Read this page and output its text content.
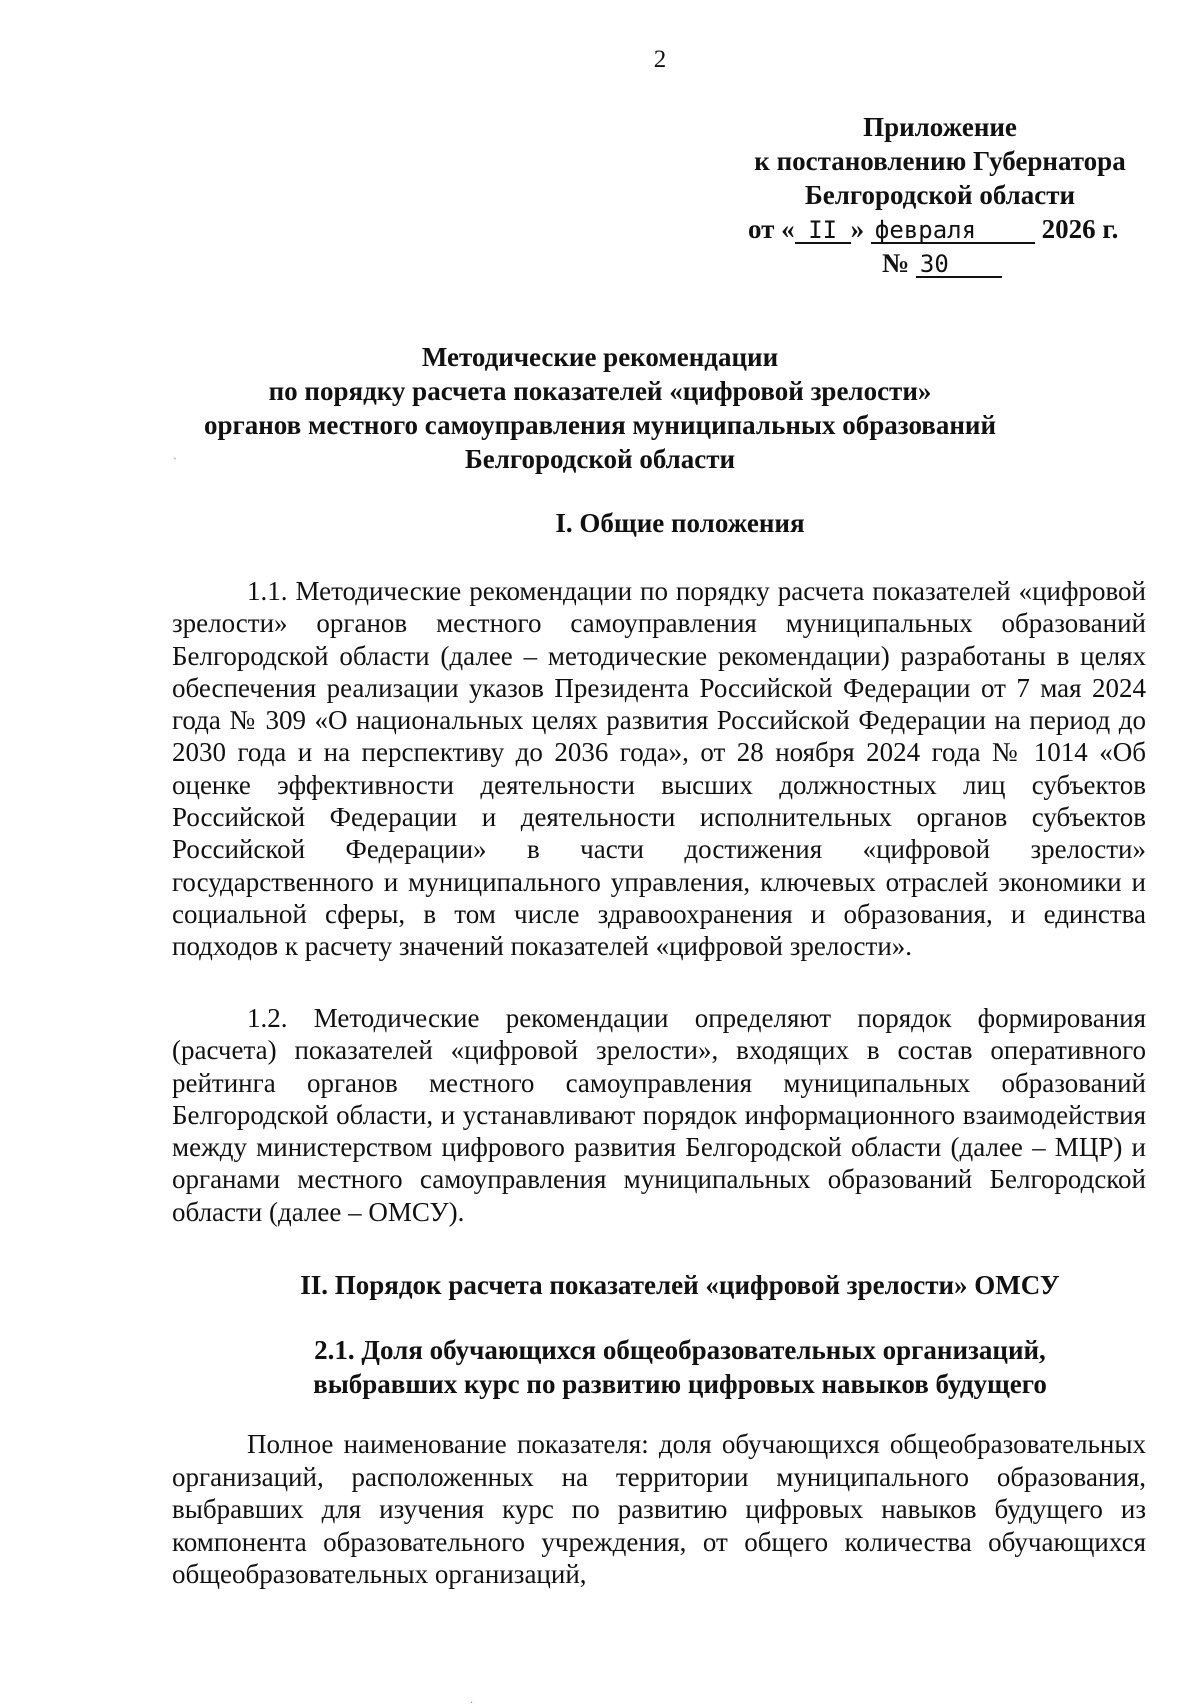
2
Приложение
к постановлению Губернатора
Белгородской области
от « II » февраля 2026 г.
№ 30
Методические рекомендации
по порядку расчета показателей «цифровой зрелости»
органов местного самоуправления муниципальных образований
Белгородской области
I. Общие положения
1.1. Методические рекомендации по порядку расчета показателей «цифровой зрелости» органов местного самоуправления муниципальных образований Белгородской области (далее – методические рекомендации) разработаны в целях обеспечения реализации указов Президента Российской Федерации от 7 мая 2024 года № 309 «О национальных целях развития Российской Федерации на период до 2030 года и на перспективу до 2036 года», от 28 ноября 2024 года № 1014 «Об оценке эффективности деятельности высших должностных лиц субъектов Российской Федерации и деятельности исполнительных органов субъектов Российской Федерации» в части достижения «цифровой зрелости» государственного и муниципального управления, ключевых отраслей экономики и социальной сферы, в том числе здравоохранения и образования, и единства подходов к расчету значений показателей «цифровой зрелости».
1.2. Методические рекомендации определяют порядок формирования (расчета) показателей «цифровой зрелости», входящих в состав оперативного рейтинга органов местного самоуправления муниципальных образований Белгородской области, и устанавливают порядок информационного взаимодействия между министерством цифрового развития Белгородской области (далее – МЦР) и органами местного самоуправления муниципальных образований Белгородской области (далее – ОМСУ).
II. Порядок расчета показателей «цифровой зрелости» ОМСУ
2.1. Доля обучающихся общеобразовательных организаций,
выбравших курс по развитию цифровых навыков будущего
Полное наименование показателя: доля обучающихся общеобразовательных организаций, расположенных на территории муниципального образования, выбравших для изучения курс по развитию цифровых навыков будущего из компонента образовательного учреждения, от общего количества обучающихся общеобразовательных организаций,
`
.
